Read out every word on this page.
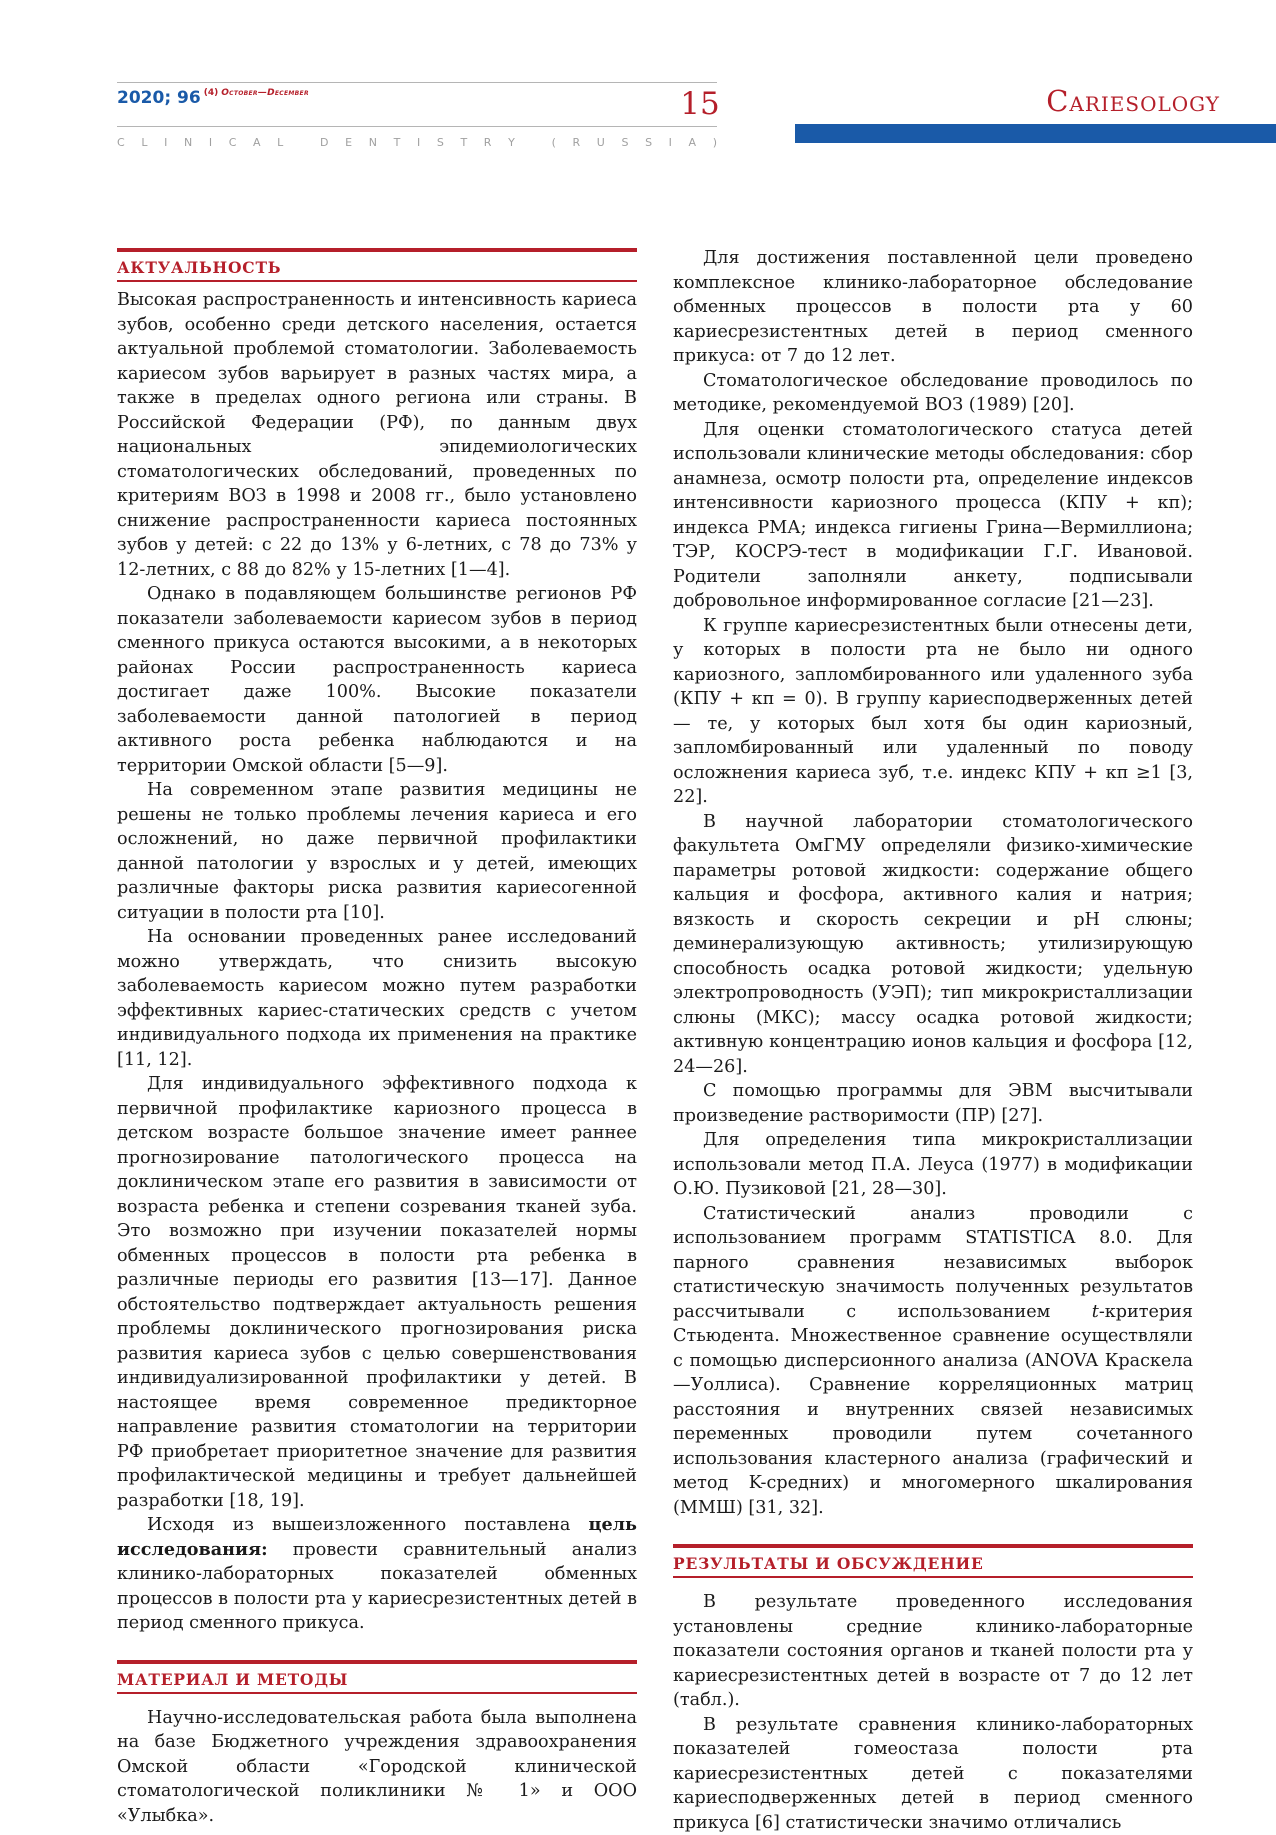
2020; 96 $^{(4)}$ $^{October—December}$	15
C L I N I C A L
	D E N T I S T R Y
	( R U S S I A )
Cariesology
АКТУАЛЬНОСТЬ

Высокая распространенность и интенсивность кариеса зубов, особенно среди детского населения, остается актуальной проблемой стоматологии. Заболеваемость кариесом зубов варьирует в разных частях мира, а также в пределах одного региона или страны. В Российской Федерации (РФ), по данным двух национальных эпидемиологических стоматологических обследований, проведенных по критериям ВОЗ в 1998 и 2008 гг., было установлено снижение распространенности кариеса постоянных зубов у детей: с 22 до 13% у 6-летних, с 78 до 73% у 12-летних, с 88 до 82% у 15-летних [1—4].

Однако в подавляющем большинстве регионов РФ показатели заболеваемости кариесом зубов в период сменного прикуса остаются высокими, а в некоторых районах России распространенность кариеса достигает даже 100%. Высокие показатели заболеваемости данной патологией в период активного роста ребенка наблюдаются и на территории Омской области [5—9].

На современном этапе развития медицины не решены не только проблемы лечения кариеса и его осложнений, но даже первичной профилактики данной патологии у взрослых и у детей, имеющих различные факторы риска развития кариесогенной ситуации в полости рта [10].

На основании проведенных ранее исследований можно утверждать, что снизить высокую заболеваемость кариесом можно путем разработки эффективных кариес-статических средств с учетом индивидуального подхода их применения на практике [11, 12].

Для индивидуального эффективного подхода к первичной профилактике кариозного процесса в детском возрасте большое значение имеет раннее прогнозирование патологического процесса на доклиническом этапе его развития в зависимости от возраста ребенка и степени созревания тканей зуба. Это возможно при изучении показателей нормы обменных процессов в полости рта ребенка в различные периоды его развития [13—17]. Данное обстоятельство подтверждает актуальность решения проблемы доклинического прогнозирования риска развития кариеса зубов с целью совершенствования индивидуализированной профилактики у детей. В настоящее время современное предикторное направление развития стоматологии на территории РФ приобретает приоритетное значение для развития профилактической медицины и требует дальнейшей разработки [18, 19].

Исходя из вышеизложенного поставлена цель исследования: провести сравнительный анализ клинико-лабораторных показателей обменных процессов в полости рта у кариесрезистентных детей в период сменного прикуса.

МАТЕРИАЛ И МЕТОДЫ

Научно-исследовательская работа была выполнена на базе Бюджетного учреждения здравоохранения Омской области «Городской клинической стоматологической поликлиники № 1» и ООО «Улыбка».

Для достижения поставленной цели проведено комплексное клинико-лабораторное обследование обменных процессов в полости рта у 60 кариесрезистентных детей в период сменного прикуса: от 7 до 12 лет.

Стоматологическое обследование проводилось по методике, рекомендуемой ВОЗ (1989) [20].

Для оценки стоматологического статуса детей использовали клинические методы обследования: сбор анамнеза, осмотр полости рта, определение индексов интенсивности кариозного процесса (КПУ + кп); индекса РМА; индекса гигиены Грина—Вермиллиона; ТЭР, КОСРЭ-тест в модификации Г.Г. Ивановой. Родители заполняли анкету, подписывали добровольное информированное согласие [21—23].

К группе кариесрезистентных были отнесены дети, у которых в полости рта не было ни одного кариозного, запломбированного или удаленного зуба (КПУ + кп = 0). В группу кариесподверженных детей — те, у которых был хотя бы один кариозный, запломбированный или удаленный по поводу осложнения кариеса зуб, т.е. индекс КПУ + кп ≥1 [3, 22].

В научной лаборатории стоматологического факультета ОмГМУ определяли физико-химические параметры ротовой жидкости: содержание общего кальция и фосфора, активного калия и натрия; вязкость и скорость секреции и pH слюны; деминерализующую активность; утилизирующую способность осадка ротовой жидкости; удельную электропроводность (УЭП); тип микрокристаллизации слюны (МКС); массу осадка ротовой жидкости; активную концентрацию ионов кальция и фосфора [12, 24—26].

С помощью программы для ЭВМ высчитывали произведение растворимости (ПР) [27].

Для определения типа микрокристаллизации использовали метод П.А. Леуса (1977) в модификации О.Ю. Пузиковой [21, 28—30].

Статистический анализ проводили с использованием программ STATISTICA 8.0. Для парного сравнения независимых выборок статистическую значимость полученных результатов рассчитывали с использованием t-критерия Стьюдента. Множественное сравнение осуществляли с помощью дисперсионного анализа (ANOVA Краскела—Уоллиса). Сравнение корреляционных матриц расстояния и внутренних связей независимых переменных проводили путем сочетанного использования кластерного анализа (графический и метод K-средних) и многомерного шкалирования (ММШ) [31, 32].

РЕЗУЛЬТАТЫ И ОБСУЖДЕНИЕ

В результате проведенного исследования установлены средние клинико-лабораторные показатели состояния органов и тканей полости рта у кариесрезистентных детей в возрасте от 7 до 12 лет (табл.).

В результате сравнения клинико-лабораторных показателей гомеостаза полости рта кариесрезистентных детей с показателями кариесподверженных детей в период сменного прикуса [6] статистически значимо отличались
